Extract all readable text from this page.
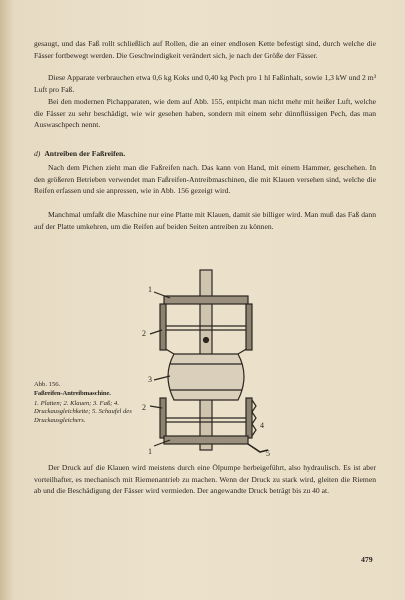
gesaugt, und das Faß rollt schließlich auf Rollen, die an einer endlosen Kette befestigt sind, durch welche die Fässer fortbewegt werden. Die Geschwindigkeit verändert sich, je nach der Größe der Fässer.

Diese Apparate verbrauchen etwa 0,6 kg Koks und 0,40 kg Pech pro 1 hl Faßinhalt, sowie 1,3 kW und 2 m³ Luft pro Faß.

Bei den modernen Pichapparaten, wie dem auf Abb. 155, entpicht man nicht mehr mit heißer Luft, welche die Fässer zu sehr beschädigt, wie wir gesehen haben, sondern mit einem sehr dünnflüssigen Pech, das man Auswaschpech nennt.

d) Antreiben der Faßreifen.

Nach dem Pichen zieht man die Faßreifen nach. Das kann von Hand, mit einem Hammer, geschehen. In den größeren Betrieben verwendet man Faßreifen-Antreibmaschinen, die mit Klauen versehen sind, welche die Reifen erfassen und sie anpressen, wie in Abb. 156 gezeigt wird.

Manchmal umfaßt die Maschine nur eine Platte mit Klauen, damit sie billiger wird. Man muß das Faß dann auf der Platte umkehren, um die Reifen auf beiden Seiten antreiben zu können.

1
2
3
2
1
4
5
Abb. 156.
Faßreifen-Antreibmaschine.
1. Platten; 2. Klauen; 3. Faß; 4. Druckausgleichkette; 5. Schaufel des Druckausgleichers.

Der Druck auf die Klauen wird meistens durch eine Ölpumpe herbeigeführt, also hydraulisch. Es ist aber vorteilhafter, es mechanisch mit Riemenantrieb zu machen. Wenn der Druck zu stark wird, gleiten die Riemen ab und die Beschädigung der Fässer wird vermieden. Der angewandte Druck beträgt bis zu 40 at.

479
